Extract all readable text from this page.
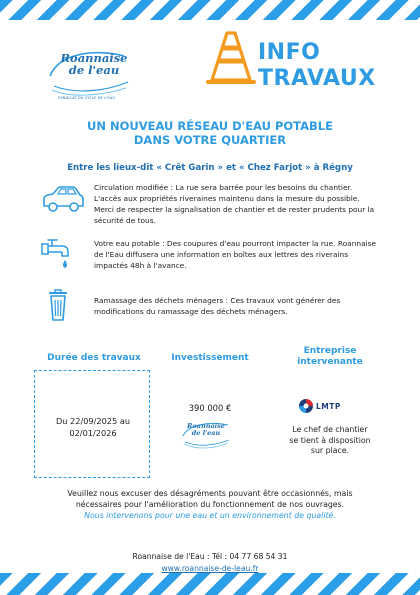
Roannaise
de l'eau
SYNDICAT DU CYCLE DE L'EAU
INFO
TRAVAUX
UN NOUVEAU RÉSEAU D'EAU POTABLE
DANS VOTRE QUARTIER
Entre les lieux-dit « Crêt Garin » et « Chez Farjot » à Régny
Circulation modifiée : La rue sera barrée pour les besoins du chantier. L'accès aux propriétés riveraines maintenu dans la mesure du possible. Merci de respecter la signalisation de chantier et de rester prudents pour la sécurité de tous.
Votre eau potable : Des coupures d'eau pourront impacter la rue. Roannaise de l'Eau diffusera une information en boîtes aux lettres des riverains impactés 48h à l'avance.
Ramassage des déchets ménagers : Ces travaux vont générer des modifications du ramassage des déchets ménagers.
Durée des travaux	Investissement
Entreprise
intervenante
Du 22/09/2025 au
02/01/2026
390 000 €
Roannaise
de l'eau
LMTP
Le chef de chantier
se tient à disposition
sur place.
Veuillez nous excuser des désagréments pouvant être occasionnés, mais
nécessaires pour l'amélioration du fonctionnement de nos ouvrages.
Nous intervenons pour une eau et un environnement de qualité.
Roannaise de l'Eau : Tél : 04 77 68 54 31
www.roannaise-de-leau.fr
